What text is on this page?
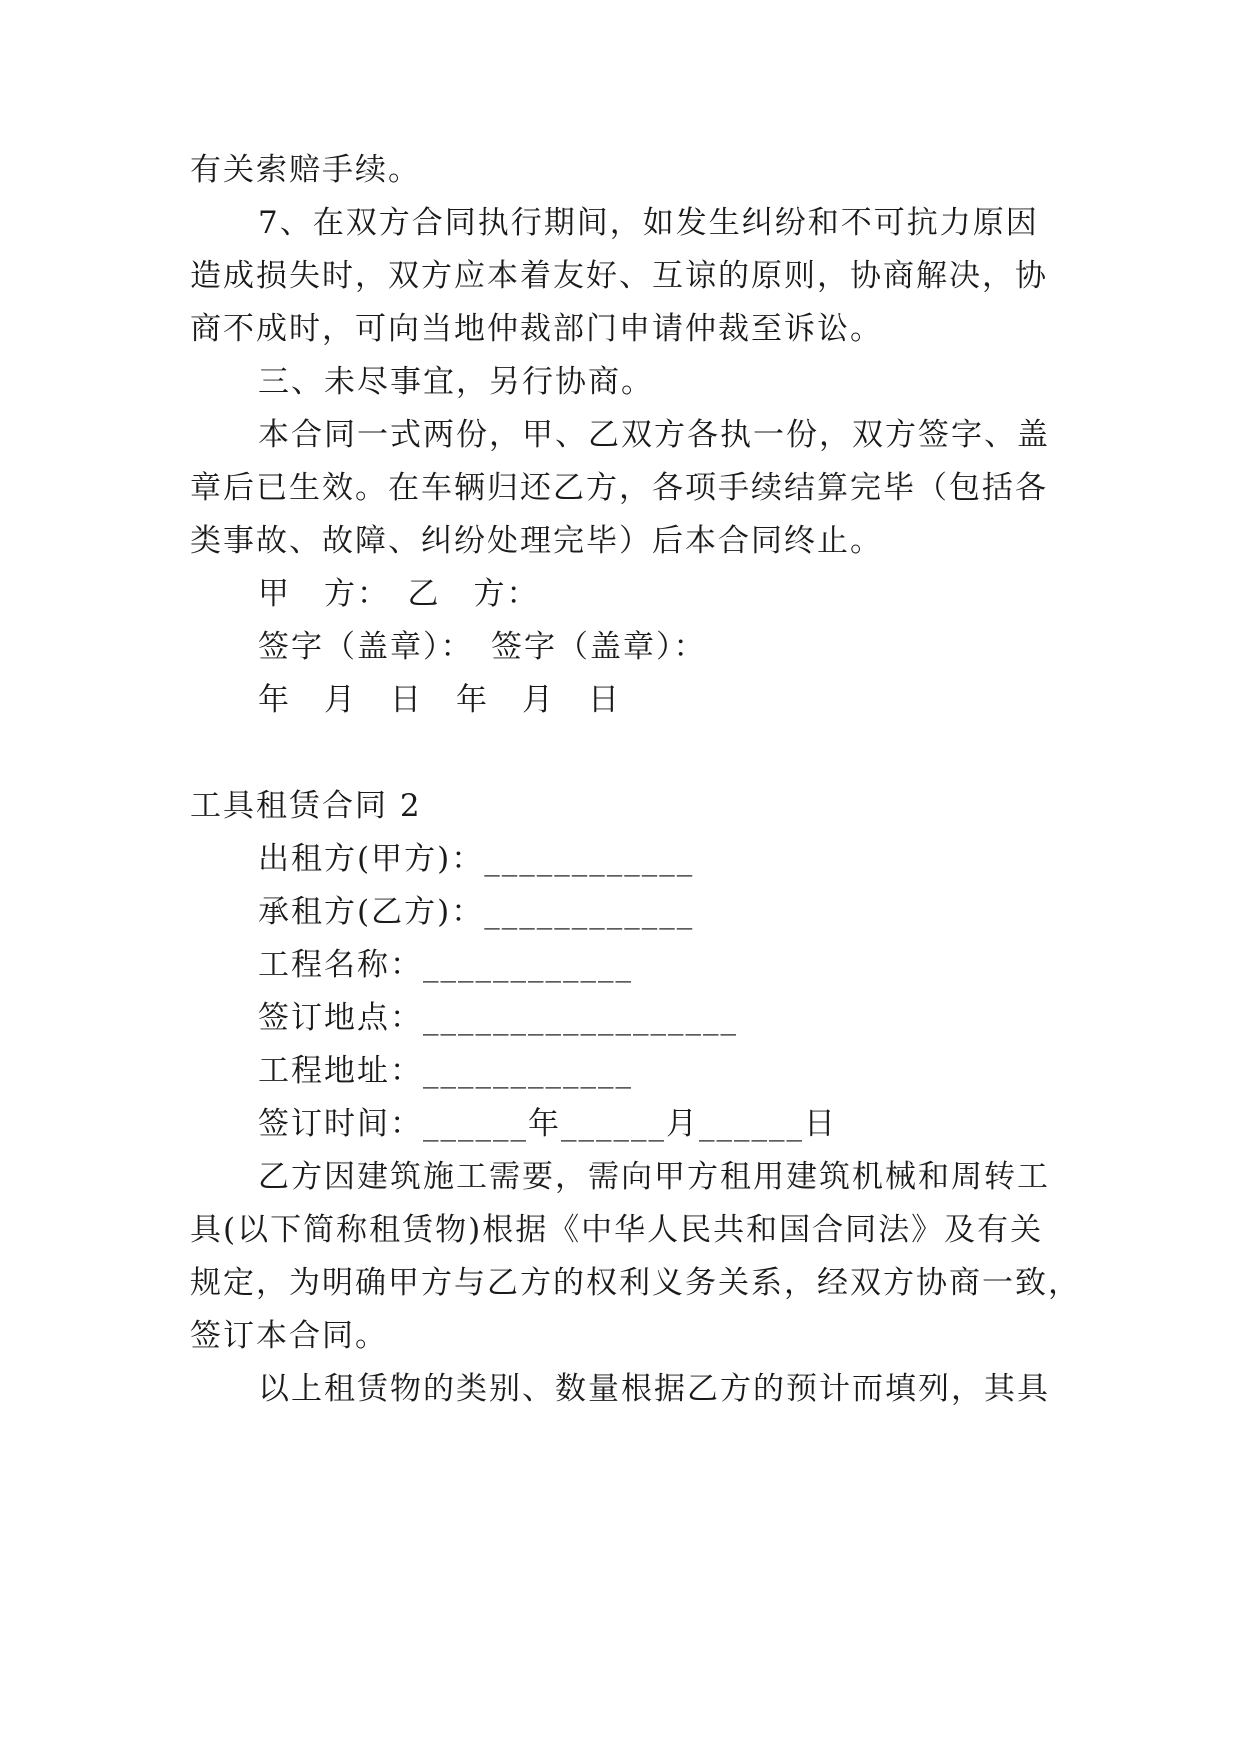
有关索赔手续。
7、在双方合同执行期间，如发生纠纷和不可抗力原因
造成损失时，双方应本着友好、互谅的原则，协商解决，协
商不成时，可向当地仲裁部门申请仲裁至诉讼。
三、未尽事宜，另行协商。
本合同一式两份，甲、乙双方各执一份，双方签字、盖
章后已生效。在车辆归还乙方，各项手续结算完毕（包括各
类事故、故障、纠纷处理完毕）后本合同终止。
甲　方：　乙　方：
签字（盖章）：　签字（盖章）：
年　月　日　年　月　日
工具租赁合同 2
出租方(甲方)：____________
承租方(乙方)：____________
工程名称：____________
签订地点：__________________
工程地址：____________
签订时间：______年______月______日
乙方因建筑施工需要，需向甲方租用建筑机械和周转工
具(以下简称租赁物)根据《中华人民共和国合同法》及有关
规定，为明确甲方与乙方的权利义务关系，经双方协商一致，
签订本合同。
以上租赁物的类别、数量根据乙方的预计而填列，其具
